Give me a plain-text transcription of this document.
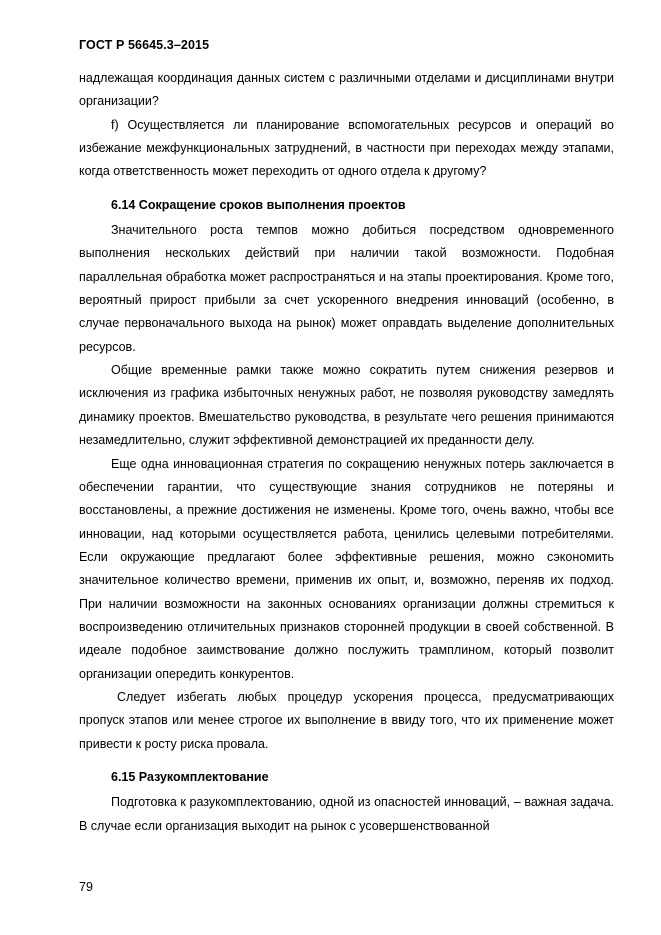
ГОСТ Р 56645.3–2015

надлежащая координация данных систем с различными отделами и дисциплинами внутри организации?

f) Осуществляется ли планирование вспомогательных ресурсов и операций во избежание межфункциональных затруднений, в частности при переходах между этапами, когда ответственность может переходить от одного отдела к другому?

6.14 Сокращение сроков выполнения проектов

Значительного роста темпов можно добиться посредством одновременного выполнения нескольких действий при наличии такой возможности. Подобная параллельная обработка может распространяться и на этапы проектирования. Кроме того, вероятный прирост прибыли за счет ускоренного внедрения инноваций (особенно, в случае первоначального выхода на рынок) может оправдать выделение дополнительных ресурсов.

Общие временные рамки также можно сократить путем снижения резервов и исключения из графика избыточных ненужных работ, не позволяя руководству замедлять динамику проектов. Вмешательство руководства, в результате чего решения принимаются незамедлительно, служит эффективной демонстрацией их преданности делу.

Еще одна инновационная стратегия по сокращению ненужных потерь заключается в обеспечении гарантии, что существующие знания сотрудников не потеряны и восстановлены, а прежние достижения не изменены. Кроме того, очень важно, чтобы все инновации, над которыми осуществляется работа, ценились целевыми потребителями. Если окружающие предлагают более эффективные решения, можно сэкономить значительное количество времени, применив их опыт, и, возможно, переняв их подход. При наличии возможности на законных основаниях организации должны стремиться к воспроизведению отличительных признаков сторонней продукции в своей собственной. В идеале подобное заимствование должно послужить трамплином, который позволит организации опередить конкурентов.

Следует избегать любых процедур ускорения процесса, предусматривающих пропуск этапов или менее строгое их выполнение в ввиду того, что их применение может привести к росту риска провала.

6.15 Разукомплектование

Подготовка к разукомплектованию, одной из опасностей инноваций, – важная задача. В случае если организация выходит на рынок с усовершенствованной

79
